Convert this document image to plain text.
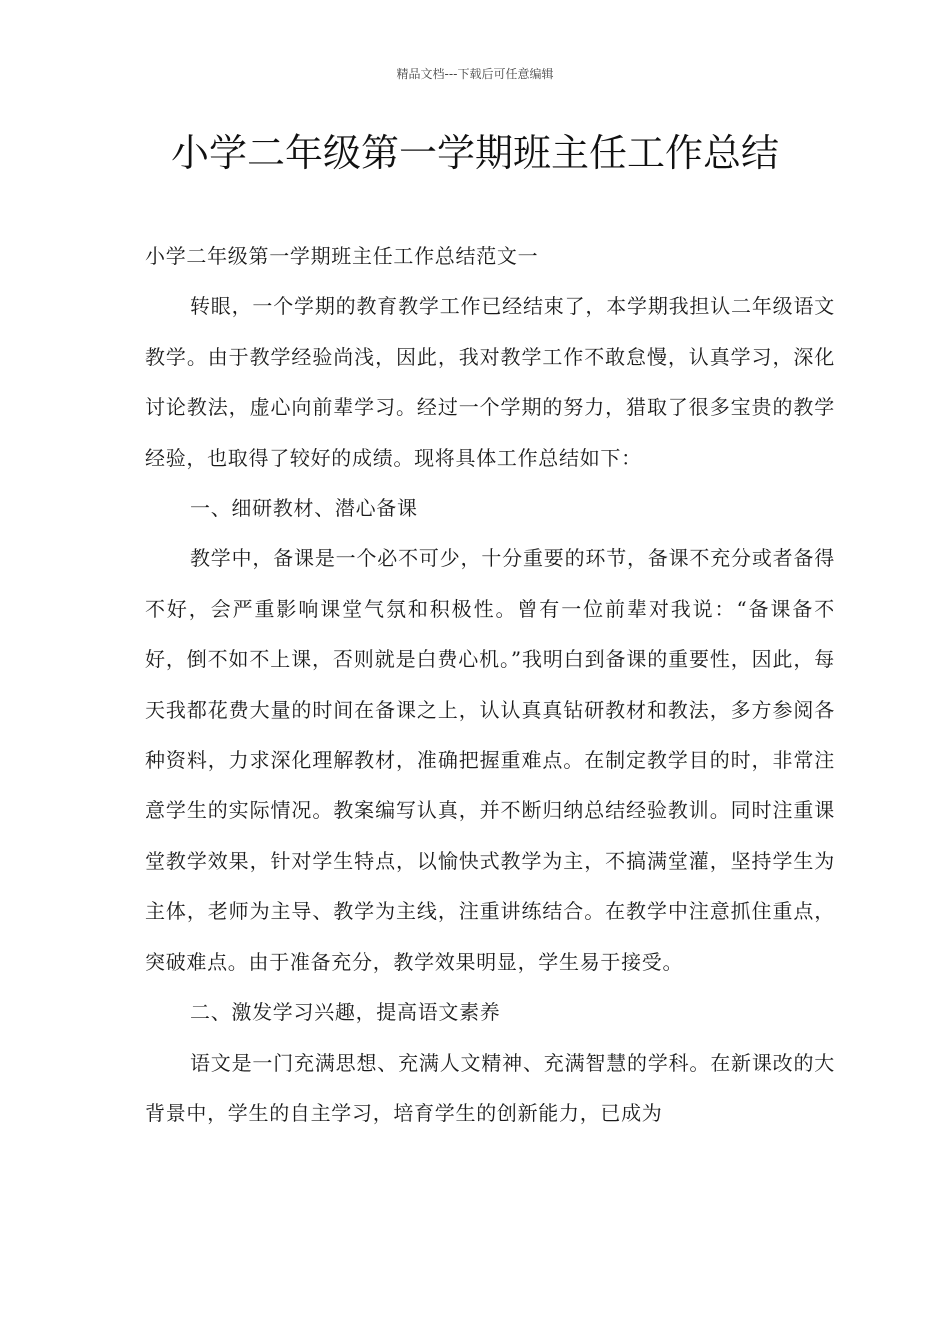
精品文档---下载后可任意编辑
小学二年级第一学期班主任工作总结

小学二年级第一学期班主任工作总结范文一

转眼，一个学期的教育教学工作已经结束了，本学期我担认二年级语文教学。由于教学经验尚浅，因此，我对教学工作不敢怠慢，认真学习，深化讨论教法，虚心向前辈学习。经过一个学期的努力，猎取了很多宝贵的教学经验，也取得了较好的成绩。现将具体工作总结如下：

一、细研教材、潜心备课

教学中，备课是一个必不可少，十分重要的环节，备课不充分或者备得不好，会严重影响课堂气氛和积极性。曾有一位前辈对我说：“备课备不好，倒不如不上课，否则就是白费心机。”我明白到备课的重要性，因此，每天我都花费大量的时间在备课之上，认认真真钻研教材和教法，多方参阅各种资料，力求深化理解教材，准确把握重难点。在制定教学目的时，非常注意学生的实际情况。教案编写认真，并不断归纳总结经验教训。同时注重课堂教学效果，针对学生特点，以愉快式教学为主，不搞满堂灌，坚持学生为主体，老师为主导、教学为主线，注重讲练结合。在教学中注意抓住重点，突破难点。由于准备充分，教学效果明显，学生易于接受。

二、激发学习兴趣，提高语文素养

语文是一门充满思想、充满人文精神、充满智慧的学科。在新课改的大背景中，学生的自主学习，培育学生的创新能力，已成为
